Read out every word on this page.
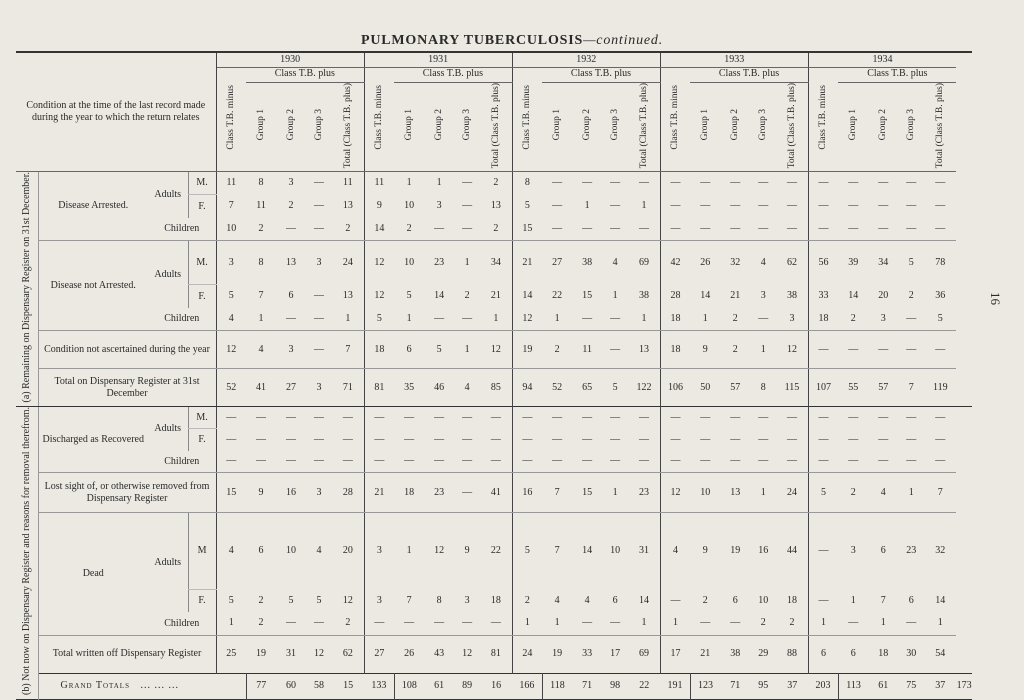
PULMONARY TUBERCULOSIS—continued.
16
Condition at the time of the last record made during the year to which the return relates				1930					1931					1932					1933					1934					
				Class T.B. minus	Class T.B. plus				Class T.B. minus	Class T.B. plus				Class T.B. minus	Class T.B. plus				Class T.B. minus	Class T.B. plus				Class T.B. minus	Class T.B. plus				
					Group 1	Group 2	Group 3	Total (Class T.B. plus)		Group 1	Group 2	Group 3	Total (Class T.B. plus)		Group 1	Group 2	Group 3	Total (Class T.B. plus)		Group 1	Group 2	Group 3	Total (Class T.B. plus)		Group 1	Group 2	Group 3	Total (Class T.B. plus)	
(a) Remaining on Dispensary Register on 31st December.	Disease Arrested.	Adults	M.	11	8	3	—	11	11	1	1	—	2	8	—	—	—	—	—	—	—	—	—	—	—	—	—	—	
			F.	7	11	2	—	13	9	10	3	—	13	5	—	1	—	1	—	—	—	—	—	—	—	—	—	—	
		Children		10	2	—	—	2	14	2	—	—	2	15	—	—	—	—	—	—	—	—	—	—	—	—	—	—	
	Disease not Arrested.	Adults	M.	3	8	13	3	24	12	10	23	1	34	21	27	38	4	69	42	26	32	4	62	56	39	34	5	78	
			F.	5	7	6	—	13	12	5	14	2	21	14	22	15	1	38	28	14	21	3	38	33	14	20	2	36	
		Children		4	1	—	—	1	5	1	—	—	1	12	1	—	—	1	18	1	2	—	3	18	2	3	—	5	
	Condition not ascertained during the year			12	4	3	—	7	18	6	5	1	12	19	2	11	—	13	18	9	2	1	12	—	—	—	—	—	
	Total on Dispensary Register at 31st December			52	41	27	3	71	81	35	46	4	85	94	52	65	5	122	106	50	57	8	115	107	55	57	7	119	
(b) Not now on Dispensary Register and reasons for removal therefrom.	Discharged as Recovered	Adults	M.	—	—	—	—	—	—	—	—	—	—	—	—	—	—	—	—	—	—	—	—	—	—	—	—	—	
			F.	—	—	—	—	—	—	—	—	—	—	—	—	—	—	—	—	—	—	—	—	—	—	—	—	—	
		Children		—	—	—	—	—	—	—	—	—	—	—	—	—	—	—	—	—	—	—	—	—	—	—	—	—	
	Lost sight of, or otherwise removed from Dispensary Register			15	9	16	3	28	21	18	23	—	41	16	7	15	1	23	12	10	13	1	24	5	2	4	1	7	
	Dead	Adults	M	4	6	10	4	20	3	1	12	9	22	5	7	14	10	31	4	9	19	16	44	—	3	6	23	32	
			F.	5	2	5	5	12	3	7	8	3	18	2	4	4	6	14	—	2	6	10	18	—	1	7	6	14	
		Children		1	2	—	—	2	—	—	—	—	—	1	1	—	—	1	1	—	—	2	2	1	—	1	—	1	
	Total written off Dispensary Register			25	19	31	12	62	27	26	43	12	81	24	19	33	17	69	17	21	38	29	88	6	6	18	30	54	
	Grand Totals ... ... ...				77	60	58	15	133	108	61	89	16	166	118	71	98	22	191	123	71	95	37	203	113	61	75	37	173
